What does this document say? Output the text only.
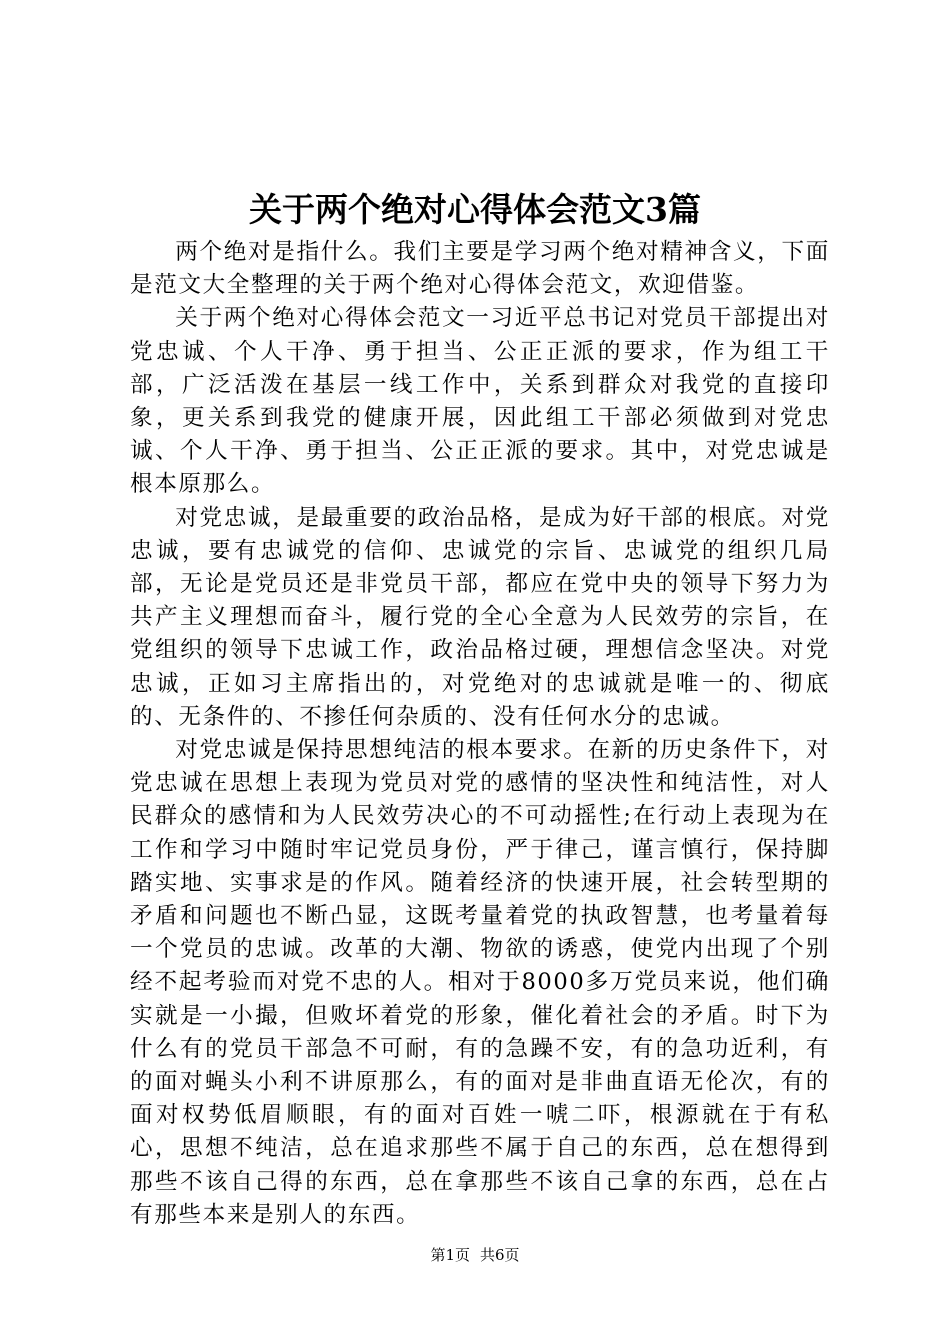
关于两个绝对心得体会范文3篇

两个绝对是指什么。我们主要是学习两个绝对精神含义，下面是范文大全整理的关于两个绝对心得体会范文，欢迎借鉴。

关于两个绝对心得体会范文一习近平总书记对党员干部提出对党忠诚、个人干净、勇于担当、公正正派的要求，作为组工干部，广泛活泼在基层一线工作中，关系到群众对我党的直接印象，更关系到我党的健康开展，因此组工干部必须做到对党忠诚、个人干净、勇于担当、公正正派的要求。其中，对党忠诚是根本原那么。

对党忠诚，是最重要的政治品格，是成为好干部的根底。对党忠诚，要有忠诚党的信仰、忠诚党的宗旨、忠诚党的组织几局部，无论是党员还是非党员干部，都应在党中央的领导下努力为共产主义理想而奋斗，履行党的全心全意为人民效劳的宗旨，在党组织的领导下忠诚工作，政治品格过硬，理想信念坚决。对党忠诚，正如习主席指出的，对党绝对的忠诚就是唯一的、彻底的、无条件的、不掺任何杂质的、没有任何水分的忠诚。

对党忠诚是保持思想纯洁的根本要求。在新的历史条件下，对党忠诚在思想上表现为党员对党的感情的坚决性和纯洁性，对人民群众的感情和为人民效劳决心的不可动摇性;在行动上表现为在工作和学习中随时牢记党员身份，严于律己，谨言慎行，保持脚踏实地、实事求是的作风。随着经济的快速开展，社会转型期的矛盾和问题也不断凸显，这既考量着党的执政智慧，也考量着每一个党员的忠诚。改革的大潮、物欲的诱惑，使党内出现了个别经不起考验而对党不忠的人。相对于8000多万党员来说，他们确实就是一小撮，但败坏着党的形象，催化着社会的矛盾。时下为什么有的党员干部急不可耐，有的急躁不安，有的急功近利，有的面对蝇头小利不讲原那么，有的面对是非曲直语无伦次，有的面对权势低眉顺眼，有的面对百姓一唬二吓，根源就在于有私心，思想不纯洁，总在追求那些不属于自己的东西，总在想得到那些不该自己得的东西，总在拿那些不该自己拿的东西，总在占有那些本来是别人的东西。

第1页 共6页
